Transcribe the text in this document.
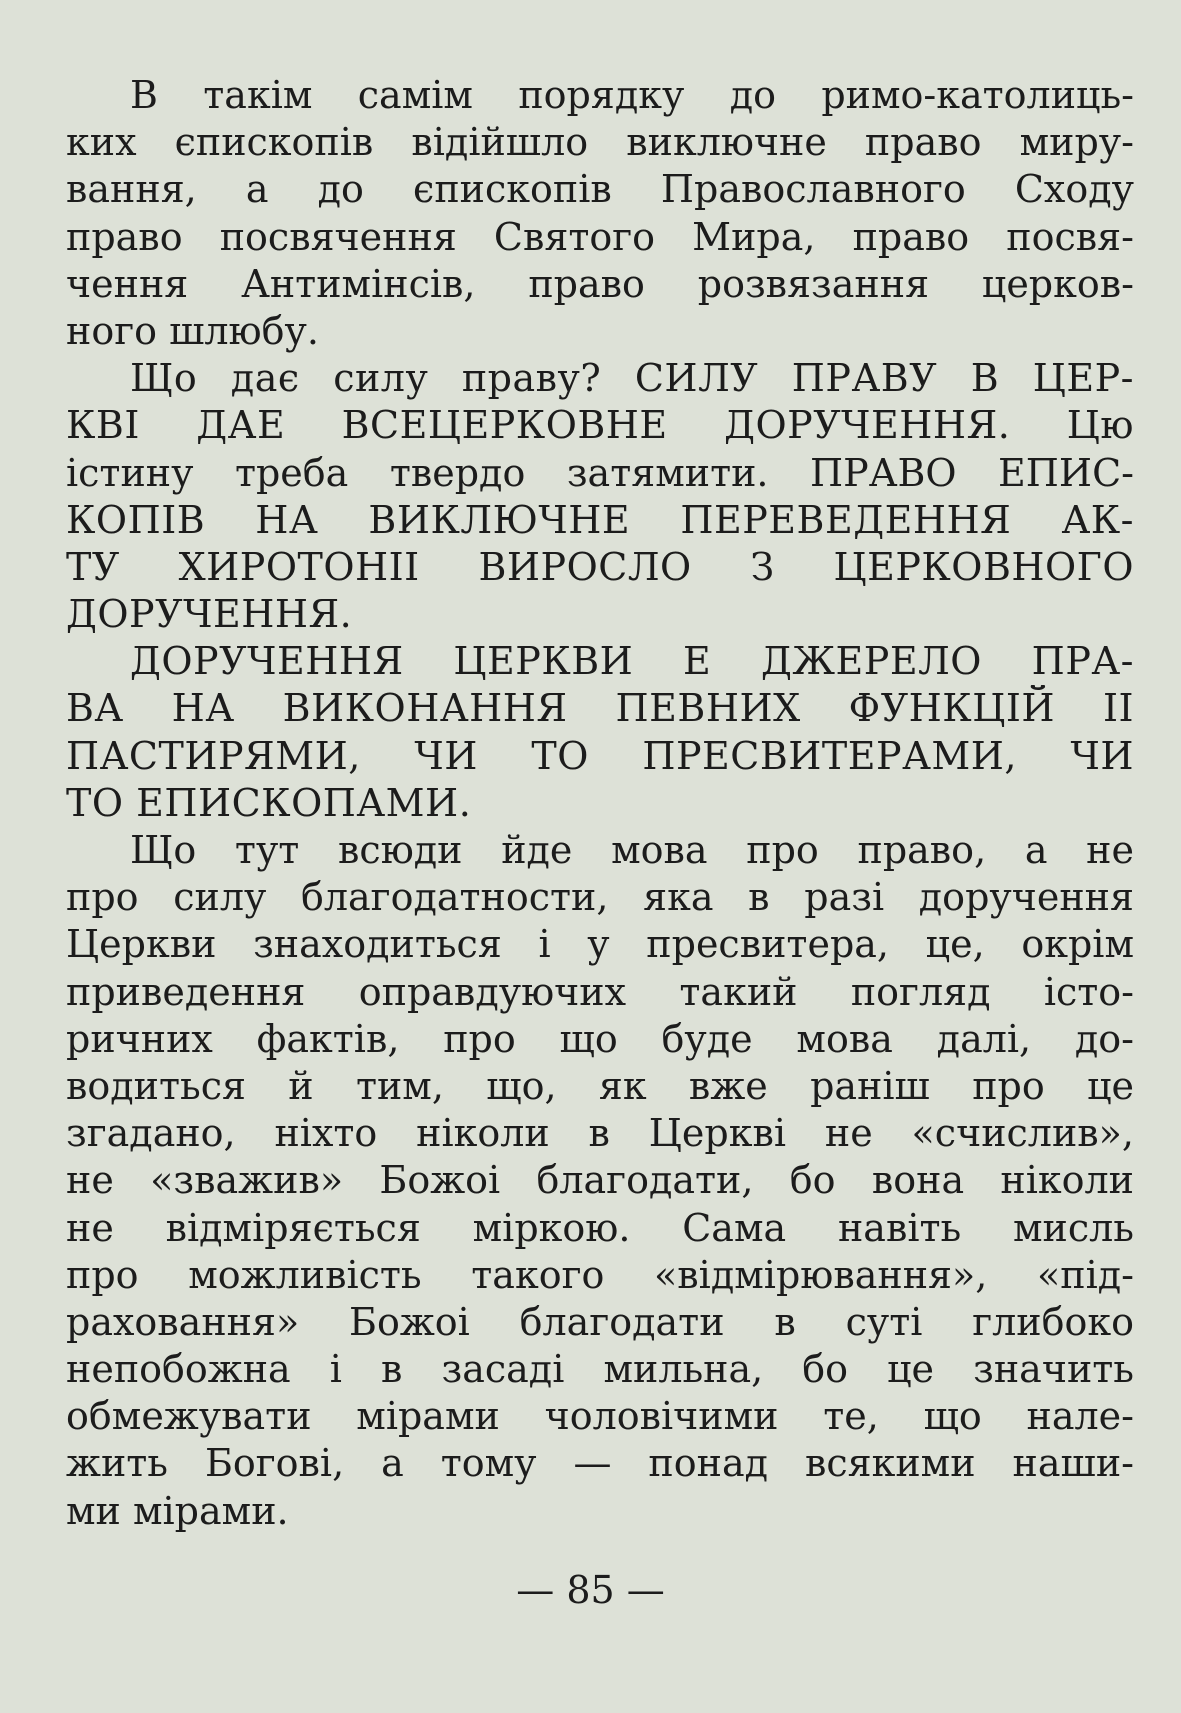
В такім самім порядку до римо-католиць-
ких єпископів відійшло виключне право миру-
вання, а до єпископів Православного Сходу
право посвячення Святого Мира, право посвя-
чення Антимінсів, право розвязання церков-
ного шлюбу.
Що дає силу праву? СИЛУ ПРАВУ В ЦЕР-
КВІ ДАЕ ВСЕЦЕРКОВНЕ ДОРУЧЕННЯ. Цю
істину треба твердо затямити. ПРАВО ЕПИС-
КОПІВ НА ВИКЛЮЧНЕ ПЕРЕВЕДЕННЯ АК-
ТУ ХИРОТОНІІ ВИРОСЛО З ЦЕРКОВНОГО
ДОРУЧЕННЯ.
ДОРУЧЕННЯ ЦЕРКВИ Е ДЖЕРЕЛО ПРА-
ВА НА ВИКОНАННЯ ПЕВНИХ ФУНКЦІЙ ІІ
ПАСТИРЯМИ, ЧИ ТО ПРЕСВИТЕРАМИ, ЧИ
ТО ЕПИСКОПАМИ.
Що тут всюди йде мова про право, а не
про силу благодатности, яка в разі доручення
Церкви знаходиться і у пресвитера, це, окрім
приведення оправдуючих такий погляд істо-
ричних фактів, про що буде мова далі, до-
водиться й тим, що, як вже раніш про це
згадано, ніхто ніколи в Церкві не «счислив»,
не «зважив» Божоі благодати, бо вона ніколи
не відміряється міркою. Сама навіть мисль
про можливість такого «відмірювання», «під-
раховання» Божоі благодати в суті глибоко
непобожна і в засаді мильна, бо це значить
обмежувати мірами чоловічими те, що нале-
жить Богові, а тому — понад всякими наши-
ми мірами.
— 85 —
